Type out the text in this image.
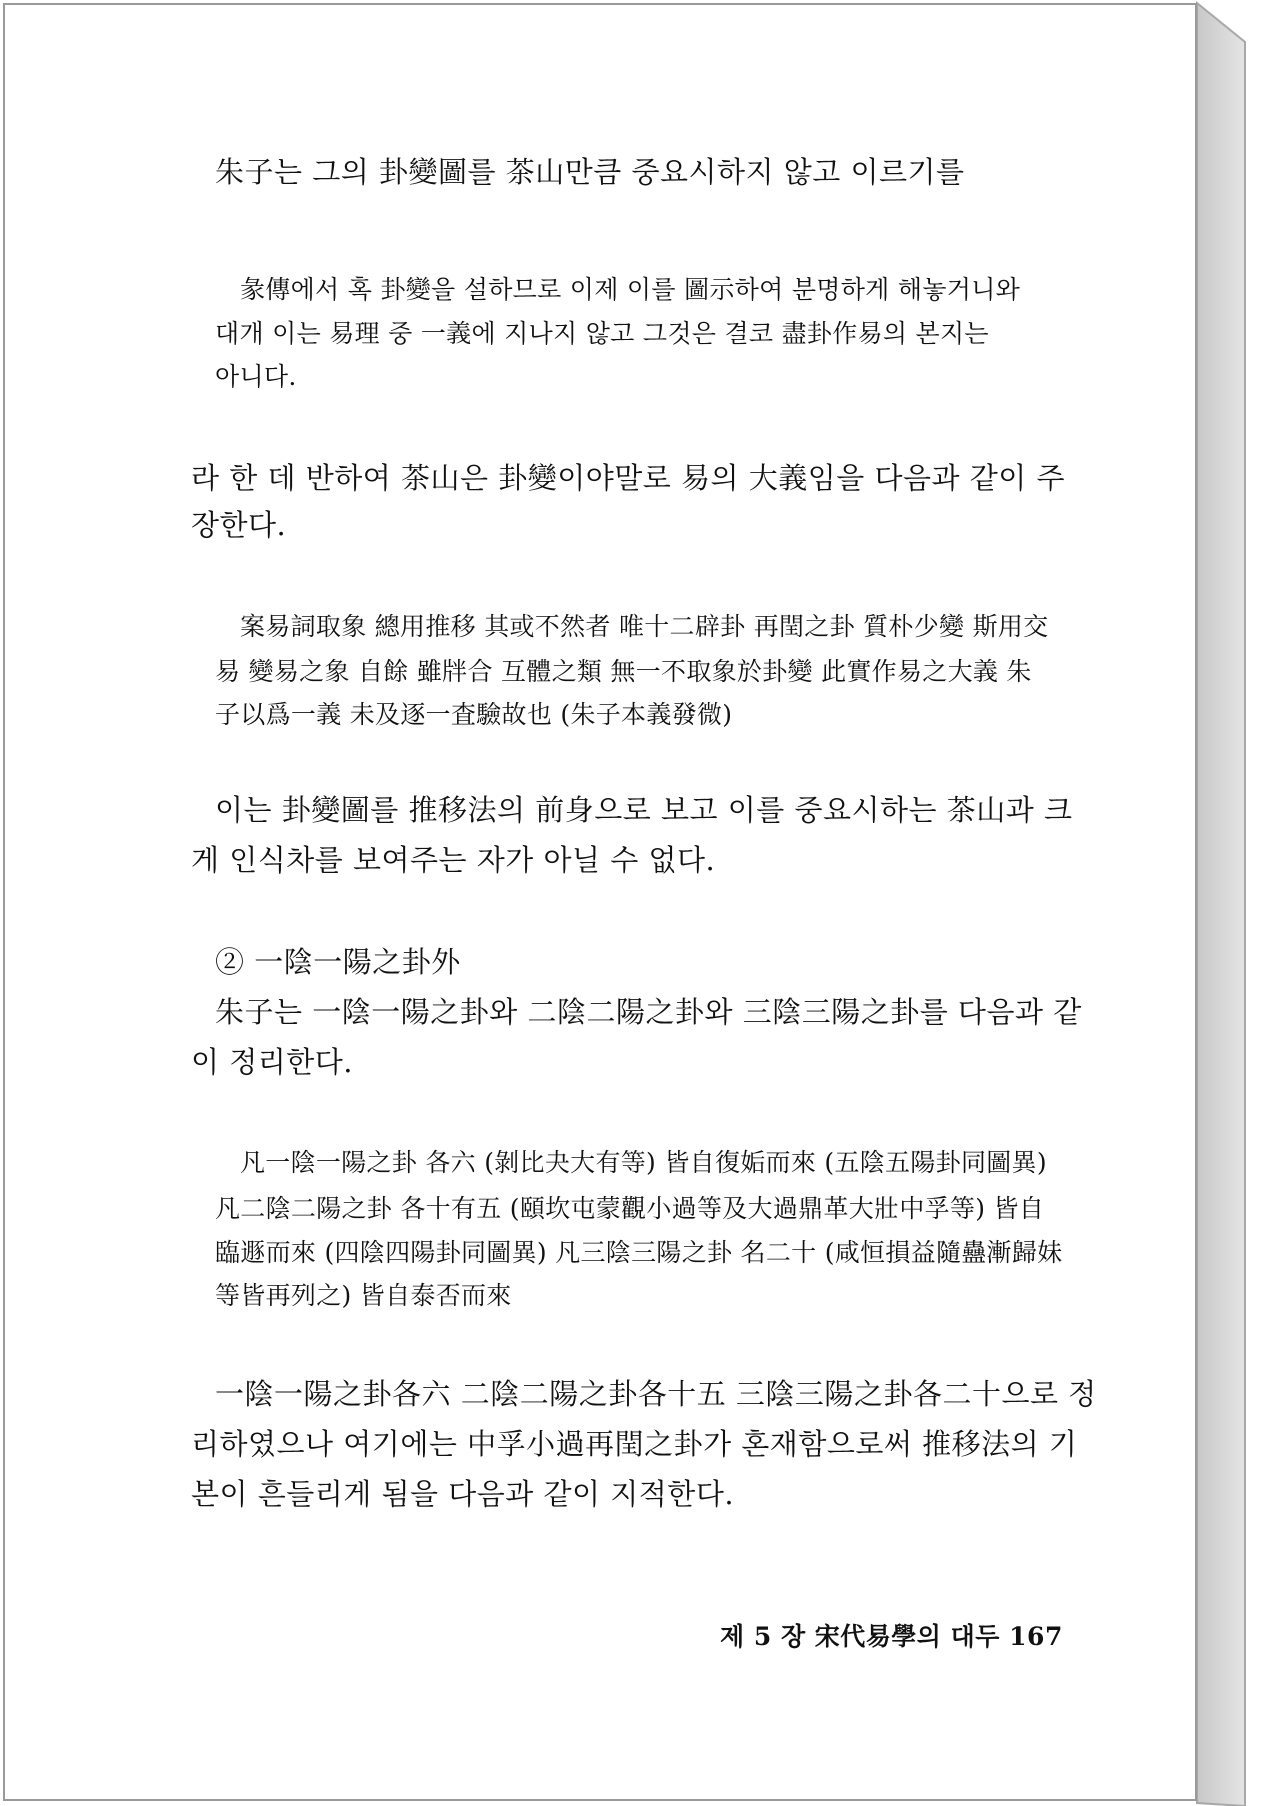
朱子는 그의 卦變圖를 茶山만큼 중요시하지 않고 이르기를
彖傳에서 혹 卦變을 설하므로 이제 이를 圖示하여 분명하게 해놓거니와
대개 이는 易理 중 一義에 지나지 않고 그것은 결코 盡卦作易의 본지는
아니다.
라 한 데 반하여 茶山은 卦變이야말로 易의 大義임을 다음과 같이 주
장한다.
案易詞取象 總用推移 其或不然者 唯十二辟卦 再閏之卦 質朴少變 斯用交
易 變易之象 自餘 雖牉合 互體之類 無一不取象於卦變 此實作易之大義 朱
子以爲一義 未及逐一査驗故也 (朱子本義發微)
이는 卦變圖를 推移法의 前身으로 보고 이를 중요시하는 茶山과 크
게 인식차를 보여주는 자가 아닐 수 없다.
② 一陰一陽之卦外
朱子는 一陰一陽之卦와 二陰二陽之卦와 三陰三陽之卦를 다음과 같
이 정리한다.
凡一陰一陽之卦 各六 (剝比夬大有等) 皆自復姤而來 (五陰五陽卦同圖異)
凡二陰二陽之卦 各十有五 (頤坎屯蒙觀小過等及大過鼎革大壯中孚等) 皆自
臨遯而來 (四陰四陽卦同圖異) 凡三陰三陽之卦 名二十 (咸恒損益隨蠱漸歸妹
等皆再列之) 皆自泰否而來
一陰一陽之卦各六 二陰二陽之卦各十五 三陰三陽之卦各二十으로 정
리하였으나 여기에는 中孚小過再閏之卦가 혼재함으로써 推移法의 기
본이 흔들리게 됨을 다음과 같이 지적한다.
제 5 장 宋代易學의 대두 167
